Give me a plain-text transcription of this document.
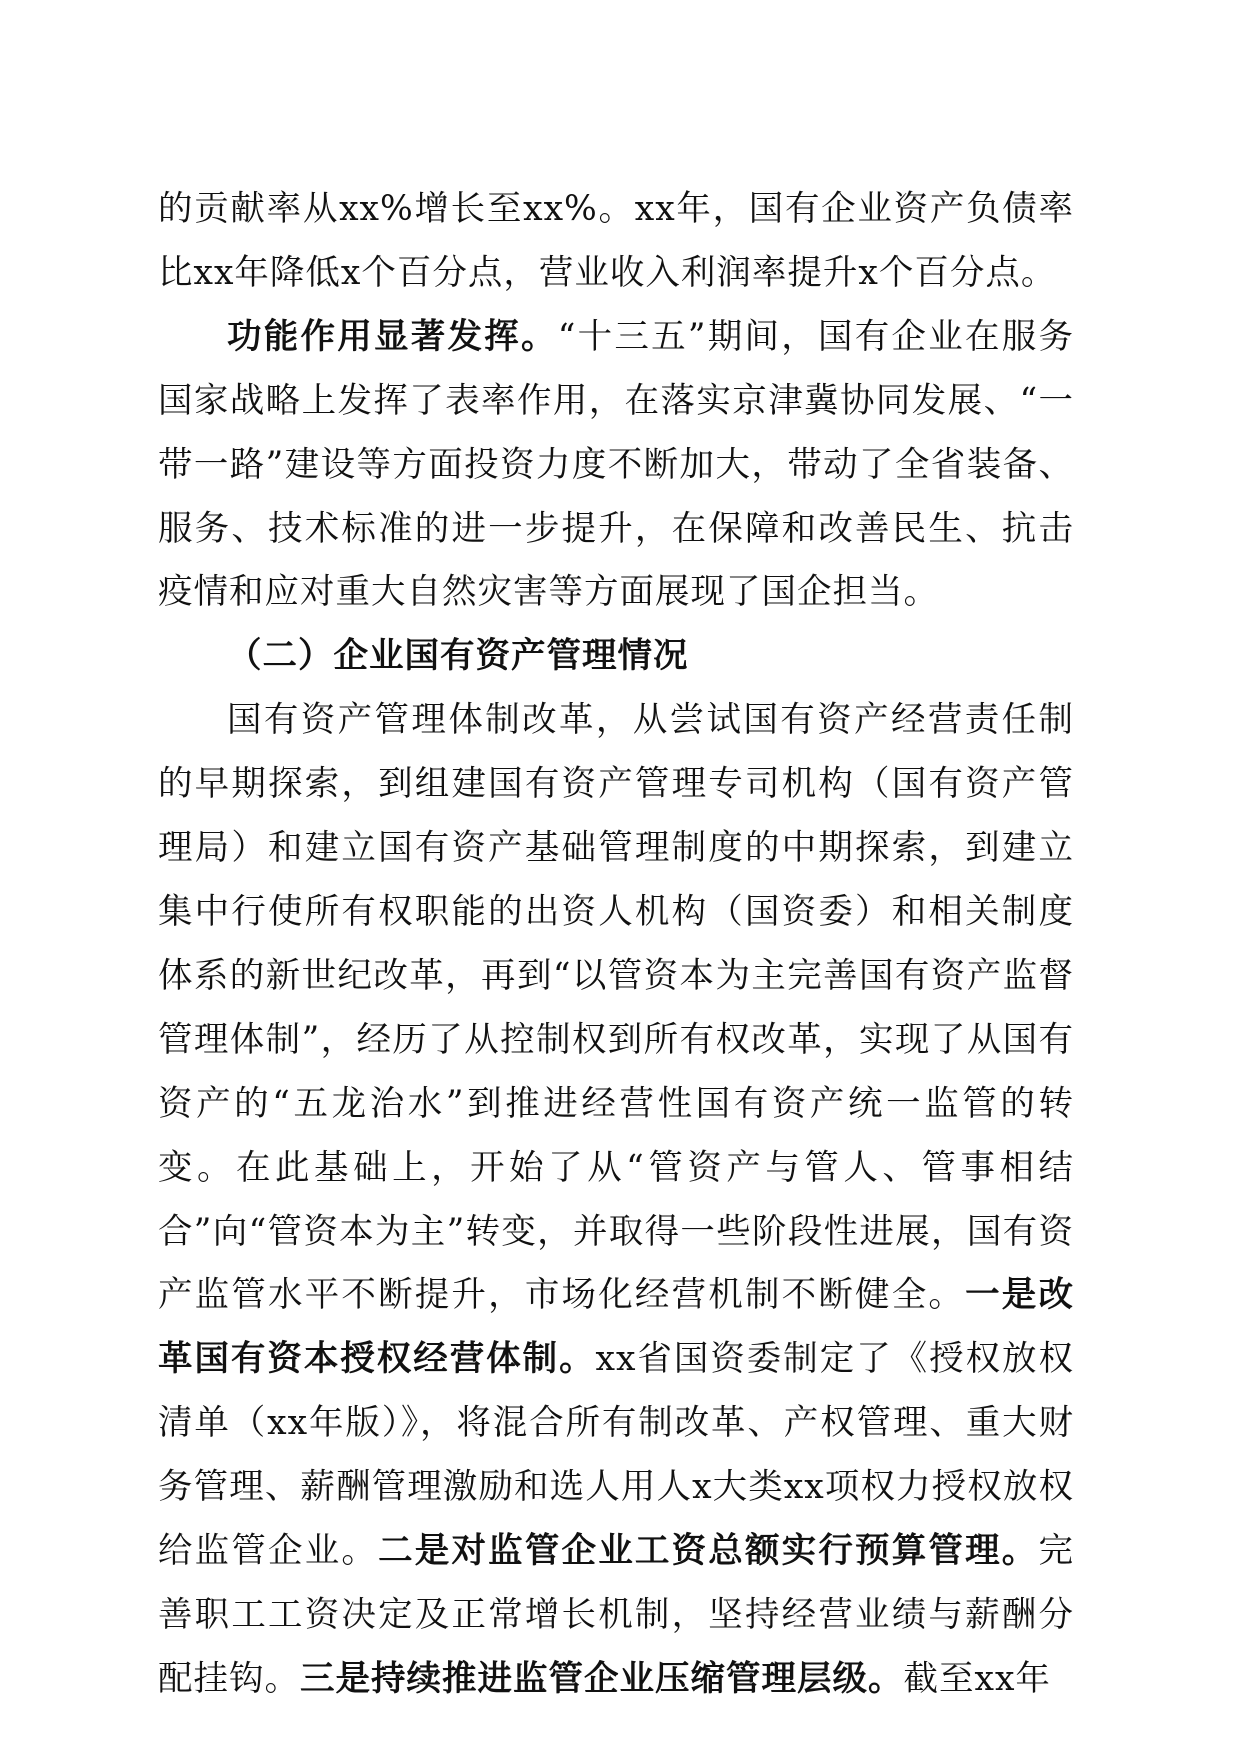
的贡献率从xx%增长至xx%。xx年，国有企业资产负债率比xx年降低x个百分点，营业收入利润率提升x个百分点。

功能作用显著发挥。“十三五”期间，国有企业在服务国家战略上发挥了表率作用，在落实京津冀协同发展、“一带一路”建设等方面投资力度不断加大，带动了全省装备、服务、技术标准的进一步提升，在保障和改善民生、抗击疫情和应对重大自然灾害等方面展现了国企担当。

（二）企业国有资产管理情况

国有资产管理体制改革，从尝试国有资产经营责任制的早期探索，到组建国有资产管理专司机构（国有资产管理局）和建立国有资产基础管理制度的中期探索，到建立集中行使所有权职能的出资人机构（国资委）和相关制度体系的新世纪改革，再到“以管资本为主完善国有资产监督管理体制”，经历了从控制权到所有权改革，实现了从国有资产的“五龙治水”到推进经营性国有资产统一监管的转变。在此基础上，开始了从“管资产与管人、管事相结合”向“管资本为主”转变，并取得一些阶段性进展，国有资产监管水平不断提升，市场化经营机制不断健全。一是改革国有资本授权经营体制。xx省国资委制定了《授权放权清单（xx年版）》，将混合所有制改革、产权管理、重大财务管理、薪酬管理激励和选人用人x大类xx项权力授权放权给监管企业。二是对监管企业工资总额实行预算管理。完善职工工资决定及正常增长机制，坚持经营业绩与薪酬分配挂钩。三是持续推进监管企业压缩管理层级。截至xx年
